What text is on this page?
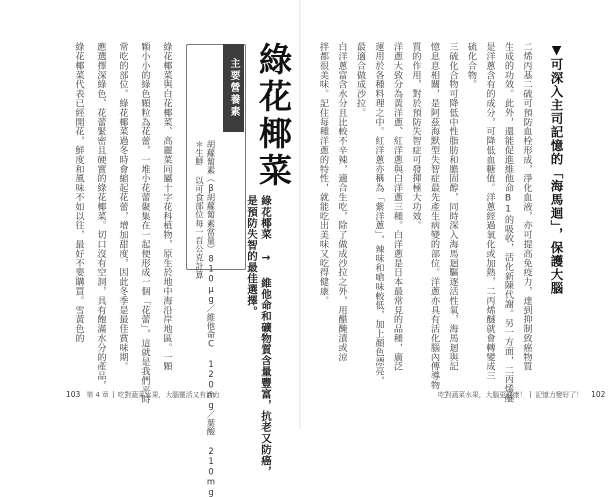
▼可深入主司記憶的「海馬迴」，保護大腦
二烯丙基二硫可預防血栓形成，淨化血液，亦可提高免疫力，達到抑制致癌物質
生成的功效。此外，還能促進維他命B1的吸收，活化新陳代謝。另一方面，二丙烯醚
是洋蔥含有的成分，可降低血糖值。洋蔥經過氧化或加熱，二丙烯醚就會轉變成三
硫化合物。
三硫化合物可降低中性脂肪和膽固醇，同時深入海馬迴驅逐活性氧，海馬迴與記
憶息息相關，是阿茲海默型失智症最先產生病變的部位。洋蔥亦具有活化腦內傳導物
質的作用，對於預防失智症可發揮極大功效。
洋蔥大致分為黃洋蔥、紅洋蔥與白洋蔥三種。白洋蔥是日本最常見的品種，廣泛
運用於各種料理之中。紅洋蔥亦稱為「紫洋蔥」，辣味和嗆味較低，加上顏色漂亮，
最適合做成沙拉。
白洋蔥富含水分且比較不辛辣，適合生吃，除了做成沙拉之外，用醋醃漬或涼
拌都很美味。記住每種洋蔥的特性，就能吃出美味又吃得健康。
吃對蔬菜水果，大腦更健康！ 記憶力變好了！ 102
綠花椰菜
綠花椰菜 → 維他命和礦物質含量豐富，抗老又防癌，
是預防失智的最佳選擇。
主要營養素
胡蘿蔔素（β胡蘿蔔素當量）810μg／維他命C 120mg／葉酸 210mg
＊生鮮 以可食部位每一百公克計算
綠花椰菜與白花椰菜、高麗菜同屬十字花科植物，原生於地中海沿岸地區。一顆
顆小小的綠色顆粒為花蕾，一堆小花蕾聚集在一起便形成一個「花蕾」，這就是我們平時
常吃的部位。綠花椰菜過冬時會縮起花蕾，增加甜度，因此冬季是最佳賞味期。
應選擇深綠色、花蕾緊密且硬實的綠花椰菜。切口沒有空洞，具有飽滿水分的產品，
綠花椰菜代表已經開花，鮮度和風味不如以往，最好不要購買。雪黃色的
103 第 4 章 吃對蔬菜水果，大腦靈活又有活力
